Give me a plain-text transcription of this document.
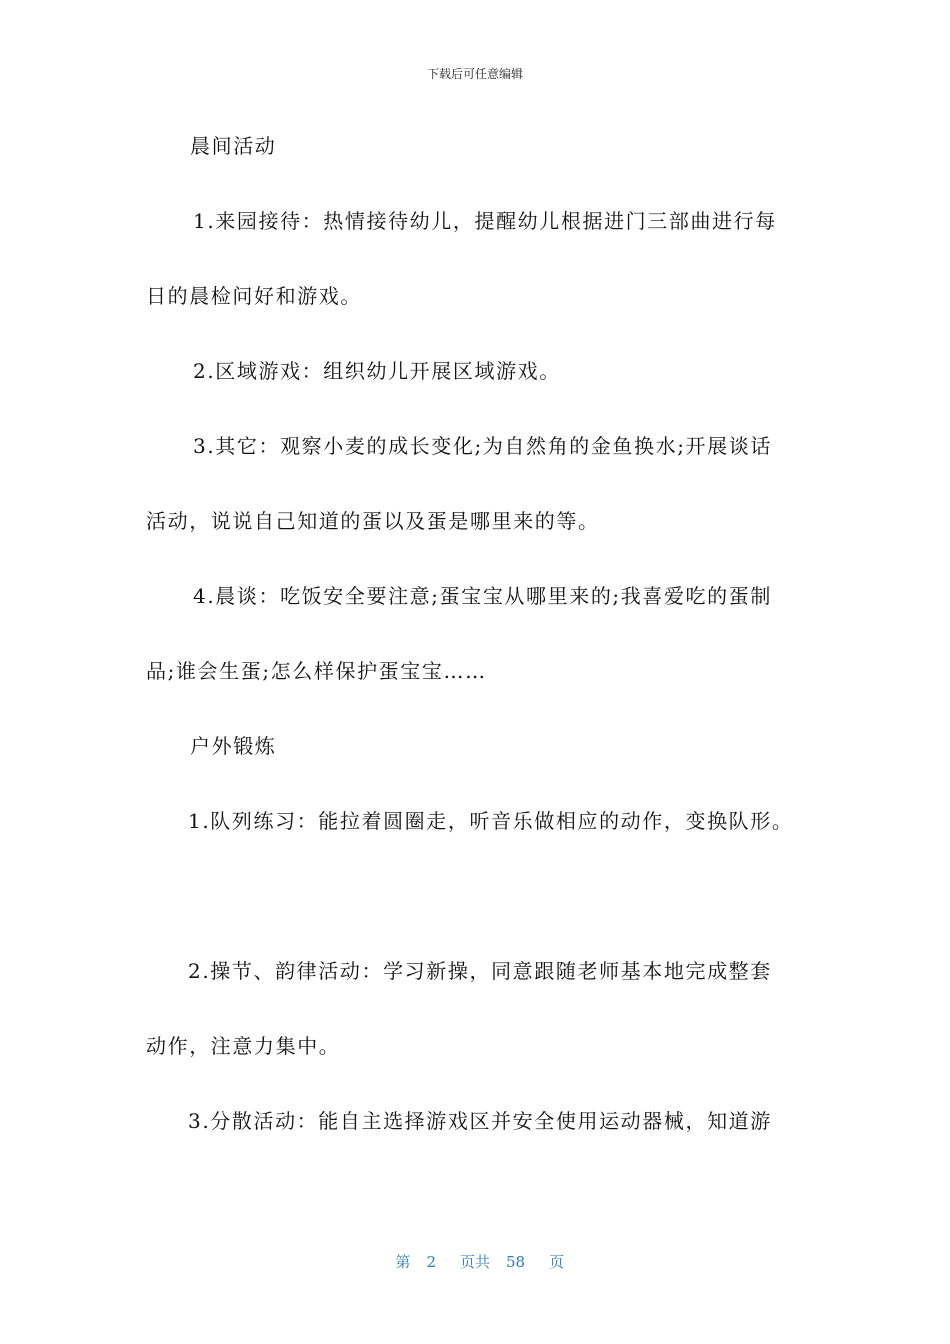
下载后可任意编辑
晨间活动
1.来园接待：热情接待幼儿，提醒幼儿根据进门三部曲进行每
日的晨检问好和游戏。
2.区域游戏：组织幼儿开展区域游戏。
3.其它：观察小麦的成长变化;为自然角的金鱼换水;开展谈话
活动，说说自己知道的蛋以及蛋是哪里来的等。
4.晨谈：吃饭安全要注意;蛋宝宝从哪里来的;我喜爱吃的蛋制
品;谁会生蛋;怎么样保护蛋宝宝……
户外锻炼
1.队列练习：能拉着圆圈走，听音乐做相应的动作，变换队形。
2.操节、韵律活动：学习新操，同意跟随老师基本地完成整套
动作，注意力集中。
3.分散活动：能自主选择游戏区并安全使用运动器械，知道游

第 2 页共 58 页
